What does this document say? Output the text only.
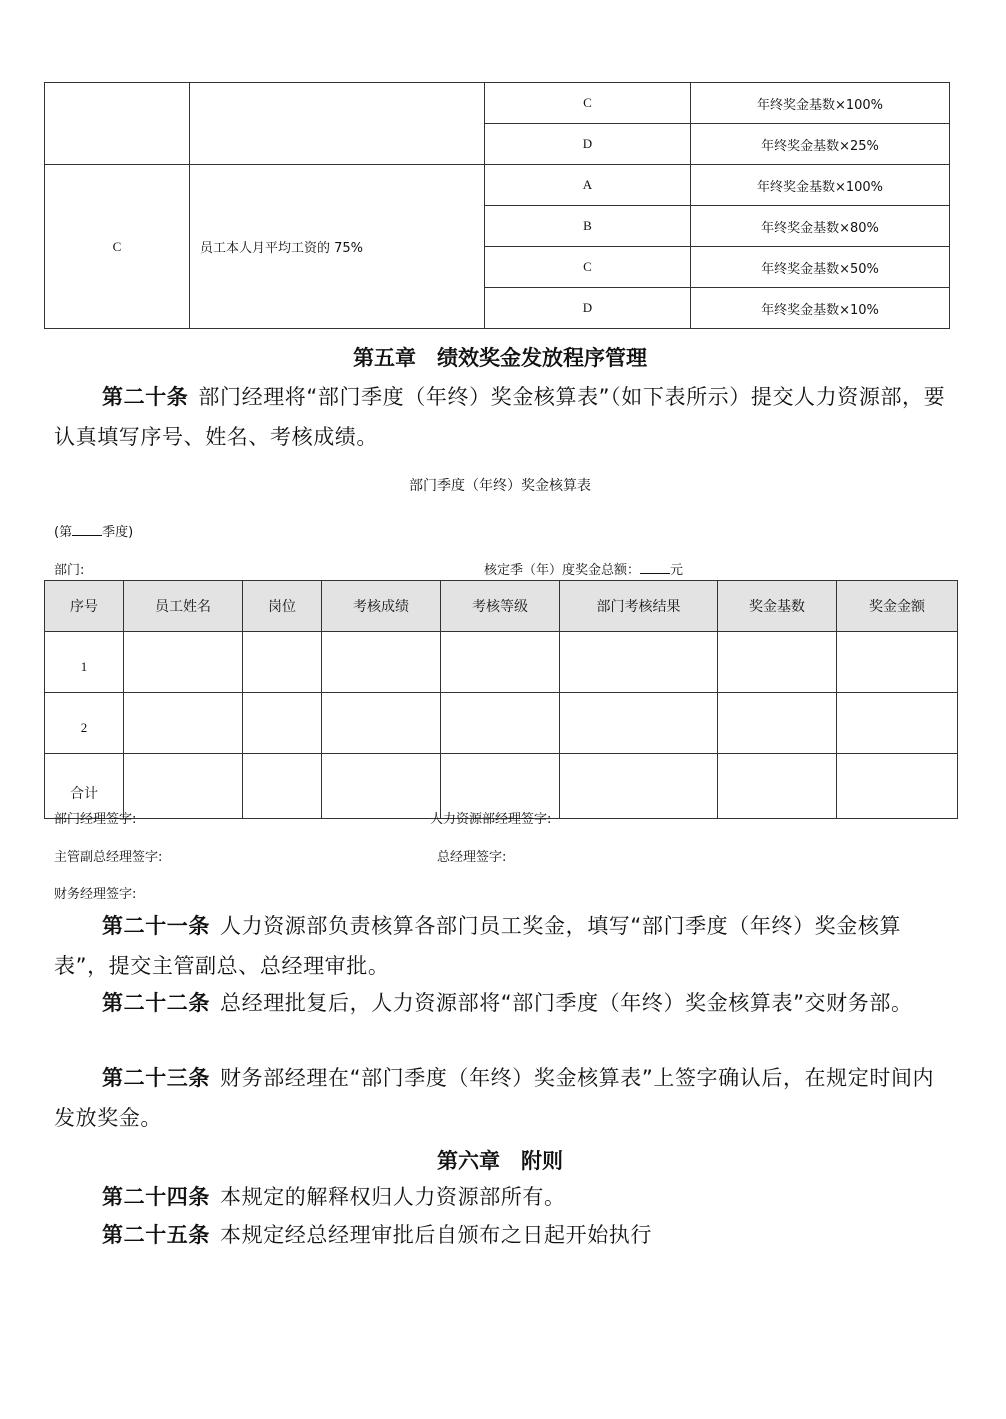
		C	年终奖金基数×100%
		D	年终奖金基数×25%
C	员工本人月平均工资的 75%	A	年终奖金基数×100%
		B	年终奖金基数×80%
		C	年终奖金基数×50%
		D	年终奖金基数×10%
第五章　绩效奖金发放程序管理
第二十条 部门经理将“部门季度（年终）奖金核算表”（如下表所示）提交人力资源部，要认真填写序号、姓名、考核成绩。
部门季度（年终）奖金核算表
(第 季度)
部门:	核定季（年）度奖金总额： 元
序号	员工姓名	岗位	考核成绩	考核等级	部门考核结果	奖金基数	奖金金额
1							
2							
合计							
部门经理签字:	人力资源部经理签字:
主管副总经理签字:	总经理签字:
财务经理签字:
第二十一条 人力资源部负责核算各部门员工奖金，填写“部门季度（年终）奖金核算表”，提交主管副总、总经理审批。
第二十二条 总经理批复后，人力资源部将“部门季度（年终）奖金核算表”交财务部。
第二十三条 财务部经理在“部门季度（年终）奖金核算表”上签字确认后，在规定时间内发放奖金。
第六章　附则
第二十四条 本规定的解释权归人力资源部所有。
第二十五条 本规定经总经理审批后自颁布之日起开始执行
